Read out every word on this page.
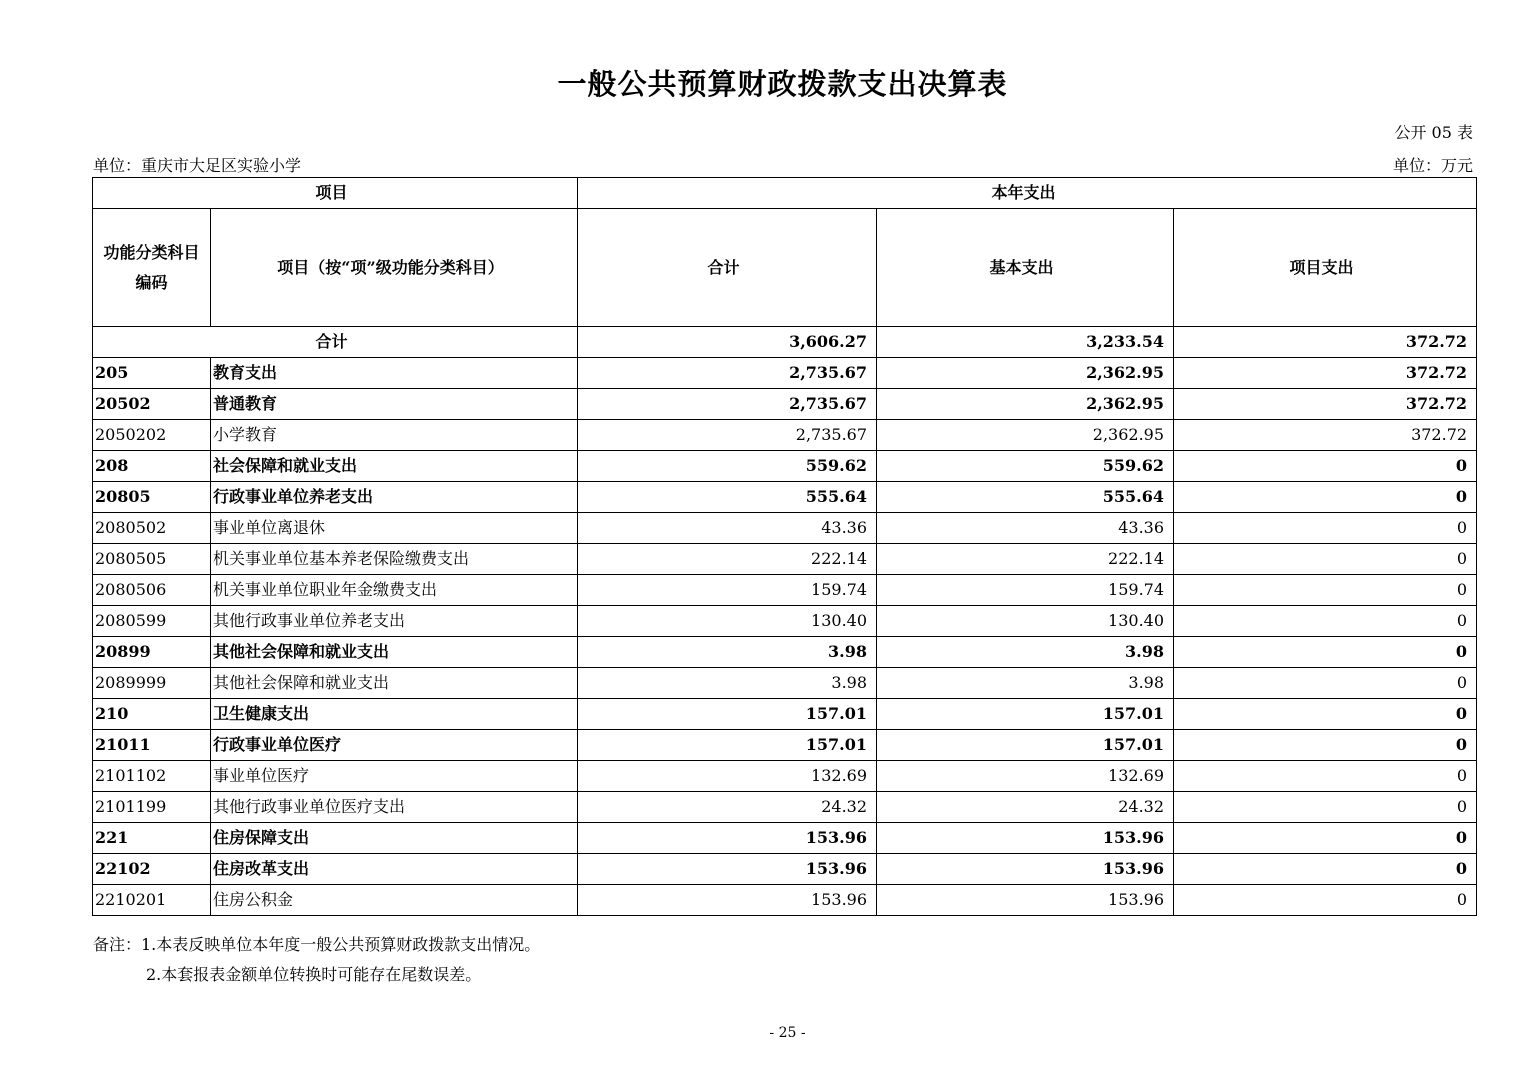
一般公共预算财政拨款支出决算表
公开 05 表
单位：重庆市大足区实验小学	单位：万元
项目		本年支出		
功能分类科目编码	项目（按“项”级功能分类科目）	合计	基本支出	项目支出
合计		3,606.27	3,233.54	372.72
205	教育支出	2,735.67	2,362.95	372.72
20502	普通教育	2,735.67	2,362.95	372.72
2050202	小学教育	2,735.67	2,362.95	372.72
208	社会保障和就业支出	559.62	559.62	0
20805	行政事业单位养老支出	555.64	555.64	0
2080502	事业单位离退休	43.36	43.36	0
2080505	机关事业单位基本养老保险缴费支出	222.14	222.14	0
2080506	机关事业单位职业年金缴费支出	159.74	159.74	0
2080599	其他行政事业单位养老支出	130.40	130.40	0
20899	其他社会保障和就业支出	3.98	3.98	0
2089999	其他社会保障和就业支出	3.98	3.98	0
210	卫生健康支出	157.01	157.01	0
21011	行政事业单位医疗	157.01	157.01	0
2101102	事业单位医疗	132.69	132.69	0
2101199	其他行政事业单位医疗支出	24.32	24.32	0
221	住房保障支出	153.96	153.96	0
22102	住房改革支出	153.96	153.96	0
2210201	住房公积金	153.96	153.96	0
备注：1.本表反映单位本年度一般公共预算财政拨款支出情况。
2.本套报表金额单位转换时可能存在尾数误差。
- 25 -
